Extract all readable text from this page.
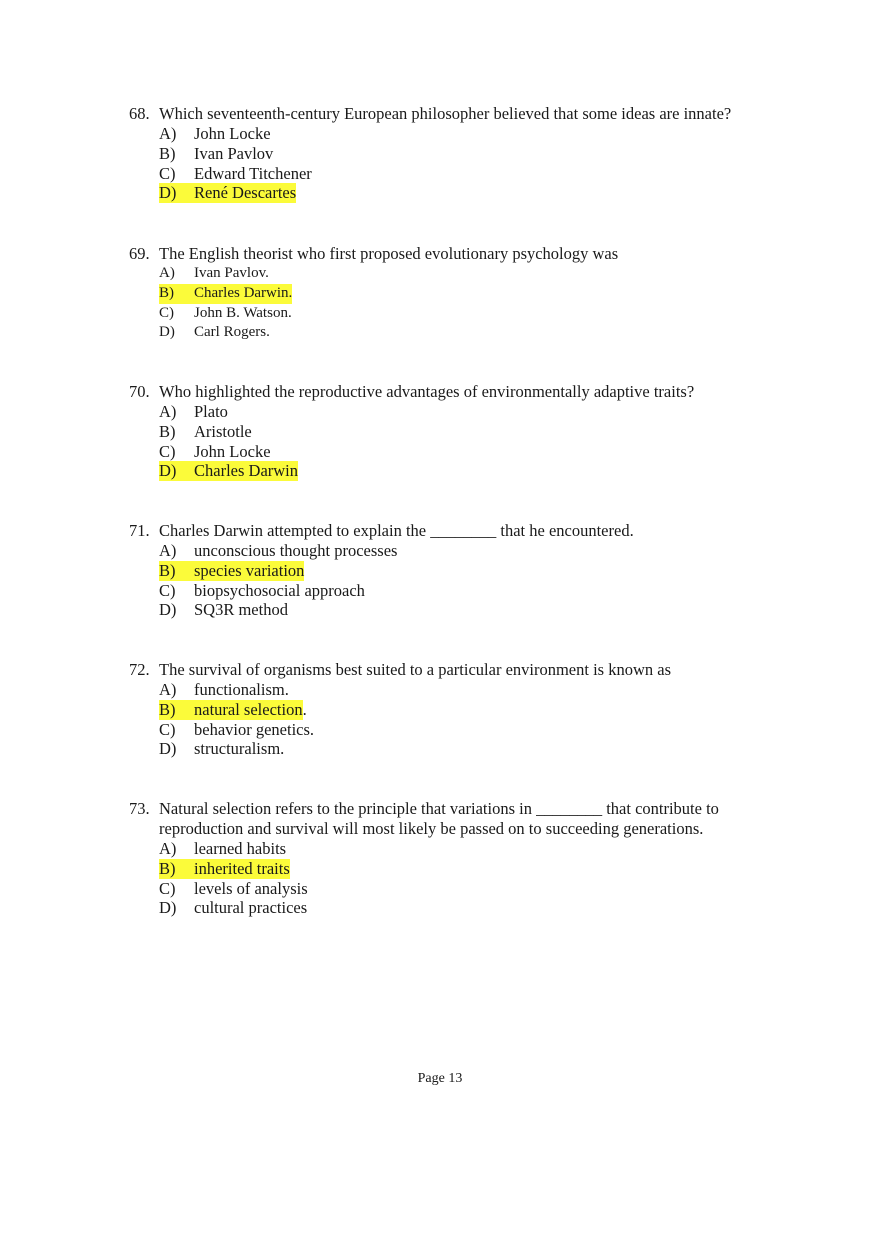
68. Which seventeenth-century European philosopher believed that some ideas are innate?
A)	John Locke
B)	Ivan Pavlov
C)	Edward Titchener
D)	René Descartes
69. The English theorist who first proposed evolutionary psychology was
A)	Ivan Pavlov.
B)	Charles Darwin.
C)	John B. Watson.
D)	Carl Rogers.
70. Who highlighted the reproductive advantages of environmentally adaptive traits?
A)	Plato
B)	Aristotle
C)	John Locke
D)	Charles Darwin
71. Charles Darwin attempted to explain the ________ that he encountered.
A)	unconscious thought processes
B)	species variation
C)	biopsychosocial approach
D)	SQ3R method
72. The survival of organisms best suited to a particular environment is known as
A)	functionalism.
B)	natural selection .
C)	behavior genetics.
D)	structuralism.
73. Natural selection refers to the principle that variations in ________ that contribute to reproduction and survival will most likely be passed on to succeeding generations.
A)	learned habits
B)	inherited traits
C)	levels of analysis
D)	cultural practices
Page 13
